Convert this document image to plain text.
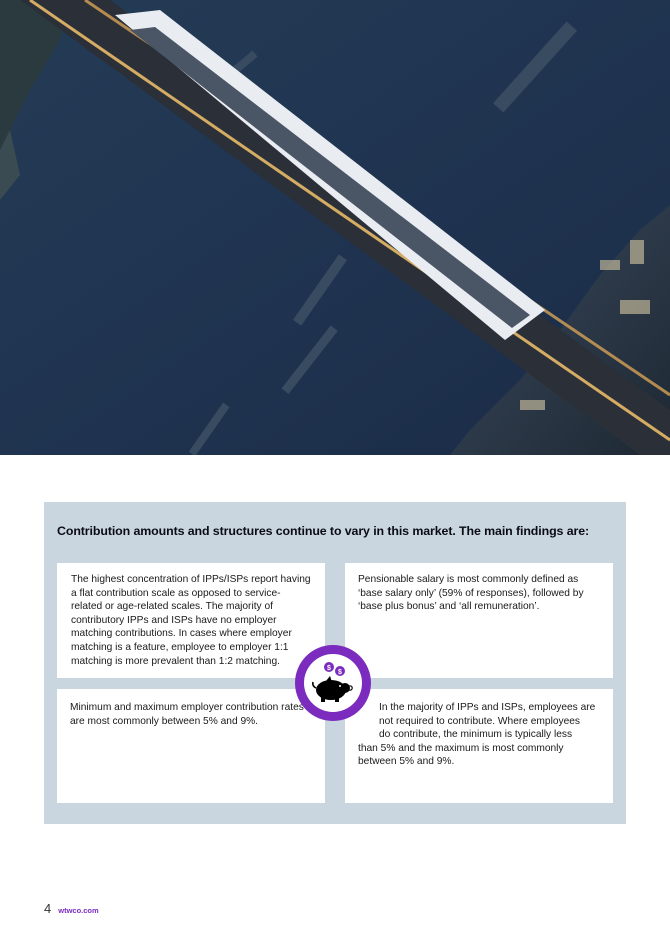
Contribution amounts and structures continue to vary in this market. The main findings are:

The highest concentration of IPPs/ISPs report having a flat contribution scale as opposed to service-related or age-related scales. The majority of contributory IPPs and ISPs have no employer matching contributions. In cases where employer matching is a feature, employee to employer 1:1 matching is more prevalent than 1:2 matching.

Pensionable salary is most commonly defined as ‘base salary only’ (59% of responses), followed by ‘base plus bonus’ and ‘all remuneration’.

Minimum and maximum employer contribution rates are most commonly between 5% and 9%.

In the majority of IPPs and ISPs, employees are

not required to contribute. Where employees

do contribute, the minimum is typically less

than 5% and the maximum is most commonly

between 5% and 9%.

$
$
4 wtwco.com
